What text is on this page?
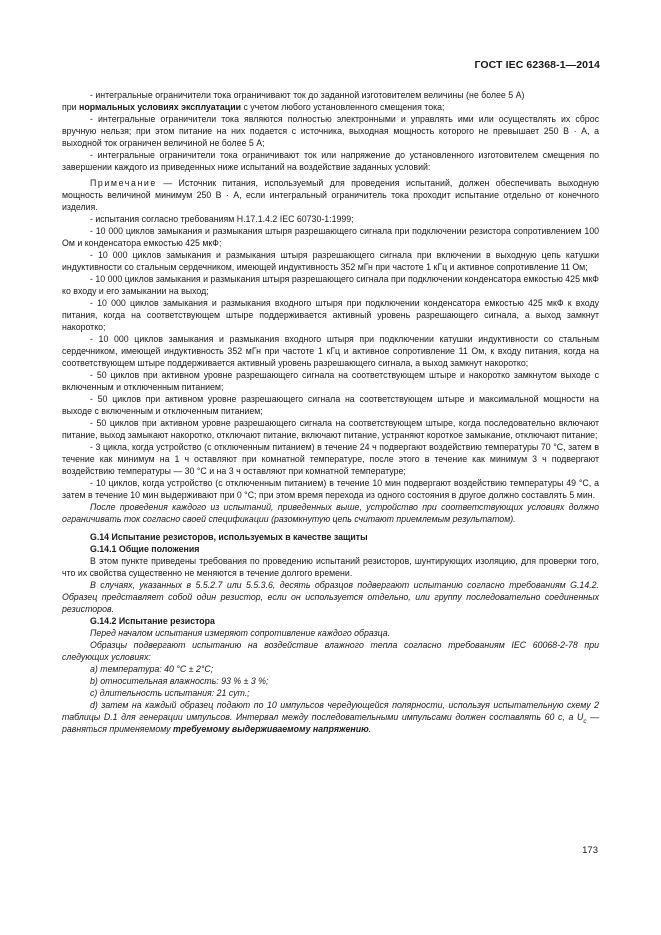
ГОСТ IEC 62368-1—2014

- интегральные ограничители тока ограничивают ток до заданной изготовителем величины (не более 5 А)

при нормальных условиях эксплуатации с учетом любого установленного смещения тока;

- интегральные ограничители тока являются полностью электронными и управлять ими или осуществлять их сброс вручную нельзя; при этом питание на них подается с источника, выходная мощность которого не превышает 250 В · А, а выходной ток ограничен величиной не более 5 А;

- интегральные ограничители тока ограничивают ток или напряжение до установленного изготовителем смещения по завершении каждого из приведенных ниже испытаний на воздействие заданных условий:

Примечание — Источник питания, используемый для проведения испытаний, должен обеспечивать выходную мощность величиной минимум 250 В · А, если интегральный ограничитель тока проходит испытание отдельно от конечного изделия.

- испытания согласно требованиям Н.17.1.4.2 IEC 60730-1:1999;

- 10 000 циклов замыкания и размыкания штыря разрешающего сигнала при подключении резистора сопротивлением 100 Ом и конденсатора емкостью 425 мкФ;

- 10 000 циклов замыкания и размыкания штыря разрешающего сигнала при включении в выходную цепь катушки индуктивности со стальным сердечником, имеющей индуктивность 352 мГн при частоте 1 кГц и активное сопротивление 11 Ом;

- 10 000 циклов замыкания и размыкания штыря разрешающего сигнала при подключении конденсатора емкостью 425 мкФ ко входу и его замыкании на выход;

- 10 000 циклов замыкания и размыкания входного штыря при подключении конденсатора емкостью 425 мкФ к входу питания, когда на соответствующем штыре поддерживается активный уровень разрешающего сигнала, а выход замкнут накоротко;

- 10 000 циклов замыкания и размыкания входного штыря при подключении катушки индуктивности со стальным сердечником, имеющей индуктивность 352 мГн при частоте 1 кГц и активное сопротивление 11 Ом, к входу питания, когда на соответствующем штыре поддерживается активный уровень разрешающего сигнала, а выход замкнут накоротко;

- 50 циклов при активном уровне разрешающего сигнала на соответствующем штыре и накоротко замкнутом выходе с включенным и отключенным питанием;

- 50 циклов при активном уровне разрешающего сигнала на соответствующем штыре и максимальной мощности на выходе с включенным и отключенным питанием;

- 50 циклов при активном уровне разрешающего сигнала на соответствующем штыре, когда последовательно включают питание, выход замыкают накоротко, отключают питание, включают питание, устраняют короткое замыкание, отключают питание;

- 3 цикла, когда устройство (с отключенным питанием) в течение 24 ч подвергают воздействию температуры 70 °С, затем в течение как минимум на 1 ч оставляют при комнатной температуре, после этого в течение как минимум 3 ч подвергают воздействию температуры — 30 °С и на 3 ч оставляют при комнатной температуре;

- 10 циклов, когда устройство (с отключенным питанием) в течение 10 мин подвергают воздействию температуры 49 °С, а затем в течение 10 мин выдерживают при 0 °С; при этом время перехода из одного состояния в другое должно составлять 5 мин.

После проведения каждого из испытаний, приведенных выше, устройство при соответствующих условиях должно ограничивать ток согласно своей спецификации (разомкнутую цепь считают приемлемым результатом).

G.14 Испытание резисторов, используемых в качестве защиты

G.14.1 Общие положения

В этом пункте приведены требования по проведению испытаний резисторов, шунтирующих изоляцию, для проверки того, что их свойства существенно не меняются в течение долгого времени.

В случаях, указанных в 5.5.2.7 или 5.5.3.6, десять образцов подвергают испытанию согласно требованиям G.14.2. Образец представляет собой один резистор, если он используется отдельно, или группу последовательно соединенных резисторов.

G.14.2 Испытание резистора

Перед началом испытания измеряют сопротивление каждого образца.

Образцы подвергают испытанию на воздействие влажного тепла согласно требованиям IEC 60068-2-78 при следующих условиях:

а) температура: 40 °С ± 2°С;

b) относительная влажность: 93 % ± 3 %;

с) длительность испытания: 21 сут.;

d) затем на каждый образец подают по 10 импульсов чередующейся полярности, используя испытательную схему 2 таблицы D.1 для генерации импульсов. Интервал между последовательными импульсами должен составлять 60 с, а $U_c$ — равняться применяемому требуемому выдерживаемому напряжению.

173
